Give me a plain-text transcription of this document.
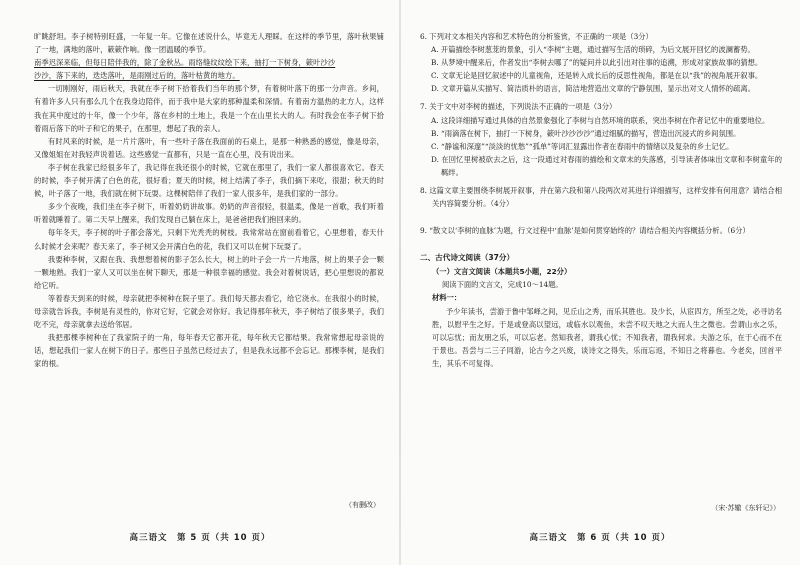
旷眺舒坦。李子树特别旺盛，一年复一年。它像在述说什么，毕竟无人理睬。在这样的季节里，落叶秋果铺了一地，满地的落叶，簌簌作响。像一团温暖的季节。

南季迟深来临，但每日陪伴我的，除了金秋丛。雨络缝纹纹绘下来，抽打一下树身，簌叶沙沙
沙沙，落下来的，迭迭落叶，是雨刚过后的，落叶枯黄的地方。

一切刚刚好，雨后秋天，我就在李子树下拾着我们当年的那个梦，有着树叶落下的那一分声音。乡间，有着许多人只有那么几个在我身边陪伴，而于我中是大家的那种温柔和深情。有着南方温热的北方人，这样我在其中度过的十年，像一个少年，落在乡村的土地上，我是一个在山里长大的人。有时我会在李子树下拾着雨后落下的叶子和它的果子，在那里，想起了我的亲人。

有时风来的时候，是一片片落叶，有一些叶子落在我面前的石桌上，是那一种熟悉的感觉，像是母亲，又像姐姐在对我轻声说着话。这些感觉一直都有，只是一直在心里，没有说出来。

李子树在我家已经很多年了，我记得在我还很小的时候，它就在那里了，我们一家人都很喜欢它。春天的时候，李子树开满了白色的花，很好看；夏天的时候，树上结满了李子，我们摘下来吃，很甜；秋天的时候，叶子落了一地，我们就在树下玩耍。这棵树陪伴了我们一家人很多年，是我们家的一部分。

多少个夜晚，我们坐在李子树下，听着奶奶讲故事。奶奶的声音很轻，很温柔，像是一首歌，我们听着听着就睡着了。第二天早上醒来，我们发现自己躺在床上，是爸爸把我们抱回来的。

每年冬天，李子树的叶子都会落光，只剩下光秃秃的树枝。我常常站在窗前看着它，心里想着，春天什么时候才会来呢？春天来了，李子树又会开满白色的花，我们又可以在树下玩耍了。

我要种李树，又跟在我、我想想着树的影子怎么长大，树上的叶子会一片一片地落，树上的果子会一颗一颗地熟。我们一家人又可以坐在树下聊天，那是一种很幸福的感觉。我会对着树说话，把心里想说的都说给它听。

等着春天到来的时候，母亲就把李树种在院子里了。我们每天都去看它，给它浇水。在我很小的时候，母亲就告诉我，李树是有灵性的，你对它好，它就会对你好。我记得那年秋天，李子树结了很多果子，我们吃不完，母亲就拿去送给邻居。

我把那棵李树种在了我家院子的一角，每年春天它都开花，每年秋天它都结果。我常常想起母亲说的话，想起我们一家人在树下的日子。那些日子虽然已经过去了，但是我永远都不会忘记。那棵李树，是我们家的根。

（有删改）
高三语文　第 5 页（共 10 页）

6. 下列对文本相关内容和艺术特色的分析鉴赏，不正确的一项是（3分）

A. 开篇描绘李树葱茏的景象，引入“李树”主题，通过描写生活的琐碎，为后文展开回忆的波澜蓄势。

B. 从梦境中醒来后，作者发出“李树去哪了”的疑问并以此引出对往事的追溯，形成对家族故事的猜想。

C. 文章无论是回忆叙述中的儿童视角，还是转入成长后的反思性视角，都是在以“我”的视角展开叙事。

D. 文章开篇从实描写、简洁质朴的语言，简洁地营造出文章的宁静氛围，显示出对文人情怀的疏离。

7. 关于文中对李树的描述，下列说法不正确的一项是（3分）

A. 这段详细描写通过具体的自然景象强化了李树与自然环境的联系，突出李树在作者记忆中的重要地位。

B. “雨滴落在树下，抽打一下树身，簌叶沙沙沙沙”通过细腻的描写，营造出沉浸式的乡间氛围。

C. “静谧和深邃”“淡淡的忧愁”“孤单”等词汇显露出作者在春雨中的情绪以及复杂的乡土记忆。

D. 在回忆里树被砍去之后，这一段通过对春雨的描绘和文章末的失落感，引导读者体味出文章和李树童年的羁绊。

8. 这篇文章主要围绕李树展开叙事，并在第六段和第八段两次对其进行详细描写，这样安排有何用意？请结合相关内容简要分析。（4分）

9. “散文以‘李树的血脉’为题，行文过程中‘血脉’是如何贯穿始终的？请结合相关内容概括分析。（6分）

二、古代诗文阅读（37分）

（一）文言文阅读（本题共5小题，22分）

阅读下面的文言文，完成10～14题。

材料一：

予少年读书，尝游于鲁中邹峄之间，见丘山之秀，而乐其胜也。及少长，从宦四方，所至之处，必寻访名胜，以慰平生之好。于是或登高以望远，或临水以观鱼，未尝不叹天地之大而人生之微也。尝谓山水之乐，可以忘忧；而友朋之乐，可以忘老。然知我者，谓我心忧；不知我者，谓我何求。夫游之乐，在于心而不在于景也。吾尝与二三子同游，论古今之兴废，谈诗文之得失，乐而忘返，不知日之将暮也。今老矣，回首平生，其乐不可复得。

（宋·苏辙《东轩记》）
高三语文　第 6 页（共 10 页）
